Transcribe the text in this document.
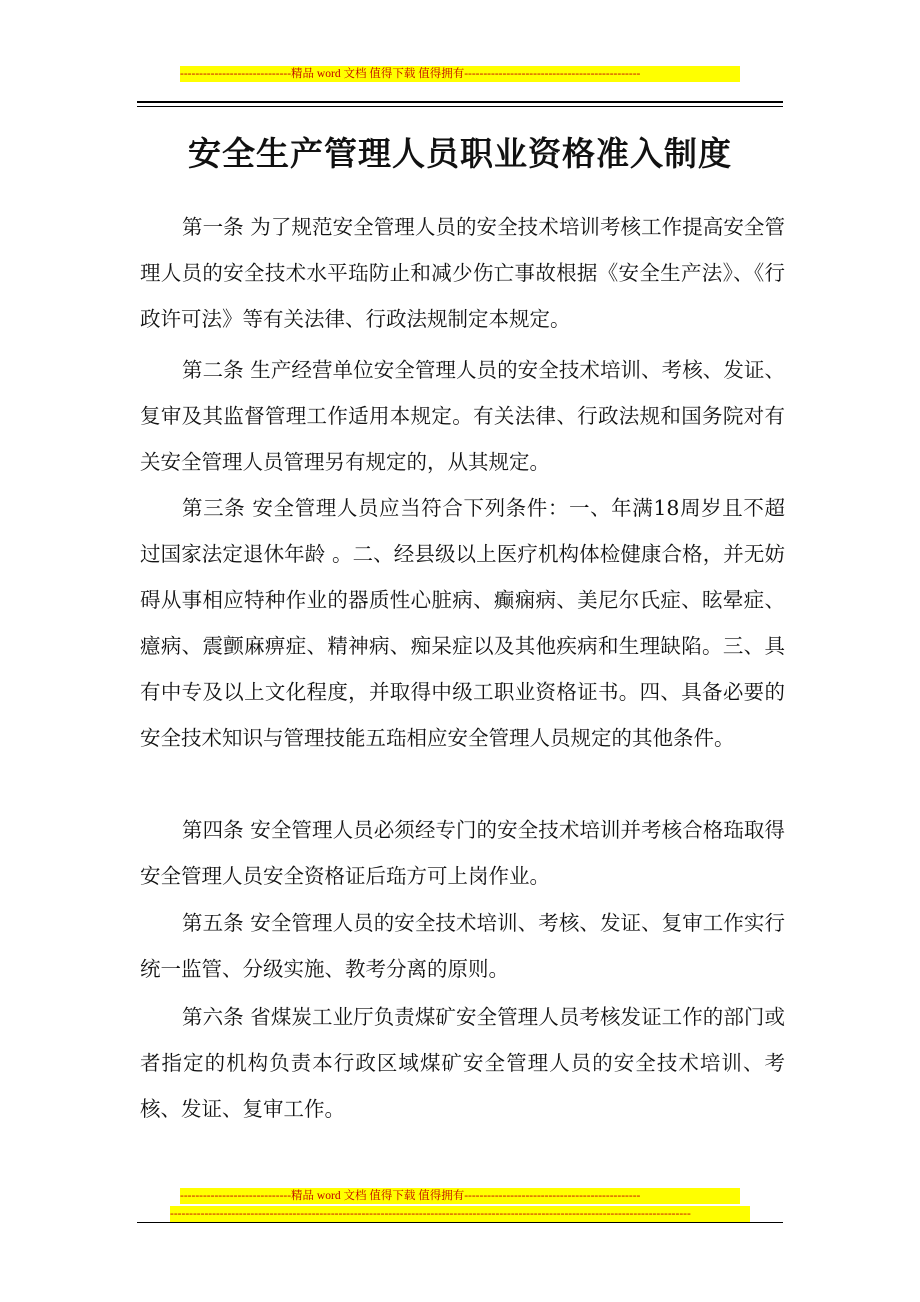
-----------------------------精品 word 文档 值得下载 值得拥有----------------------------------------------
安全生产管理人员职业资格准入制度
第一条 为了规范安全管理人员的安全技术培训考核工作提高安全管理人员的安全技术水平珤防止和减少伤亡事故根据《安全生产法》、《行政许可法》等有关法律、行政法规制定本规定。
第二条 生产经营单位安全管理人员的安全技术培训、考核、发证、复审及其监督管理工作适用本规定。有关法律、行政法规和国务院对有关安全管理人员管理另有规定的，从其规定。
第三条 安全管理人员应当符合下列条件：一、年满18周岁且不超过国家法定退休年龄 。二、经县级以上医疗机构体检健康合格，并无妨碍从事相应特种作业的器质性心脏病、癫痫病、美尼尔氏症、眩晕症、癔病、震颤麻痹症、精神病、痴呆症以及其他疾病和生理缺陷。三、具有中专及以上文化程度，并取得中级工职业资格证书。四、具备必要的安全技术知识与管理技能五珤相应安全管理人员规定的其他条件。
第四条 安全管理人员必须经专门的安全技术培训并考核合格珤取得安全管理人员安全资格证后珤方可上岗作业。
第五条 安全管理人员的安全技术培训、考核、发证、复审工作实行统一监管、分级实施、教考分离的原则。
第六条 省煤炭工业厅负责煤矿安全管理人员考核发证工作的部门或者指定的机构负责本行政区域煤矿安全管理人员的安全技术培训、考核、发证、复审工作。
-----------------------------精品 word 文档 值得下载 值得拥有----------------------------------------------
----------------------------------------------------------------------------------------------------------------------------------------
